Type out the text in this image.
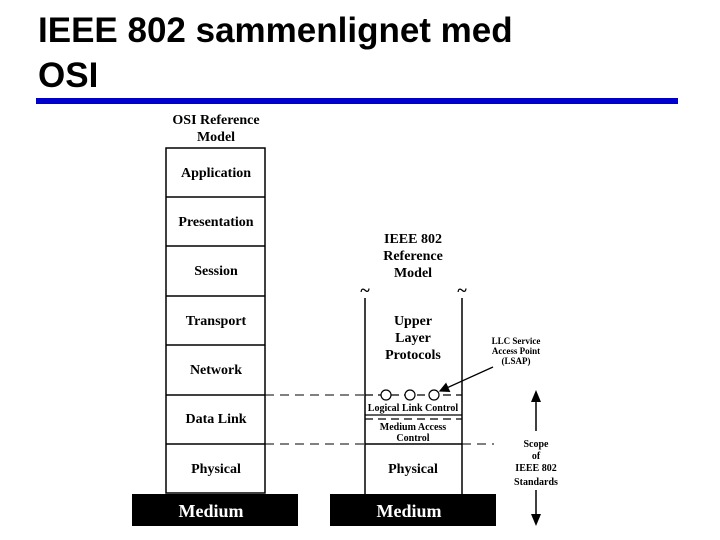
IEEE 802 sammenlignet med
OSI
OSI Reference
Model
Application
Presentation
Session
Transport
Network
Data Link
Physical
Medium
IEEE 802
Reference
Model
~	~
Upper
Layer
Protocols
Logical Link Control
Medium Access
Control
Physical
Medium
LLC Service
Access Point
(LSAP)
Scope
of
IEEE 802
Standards
